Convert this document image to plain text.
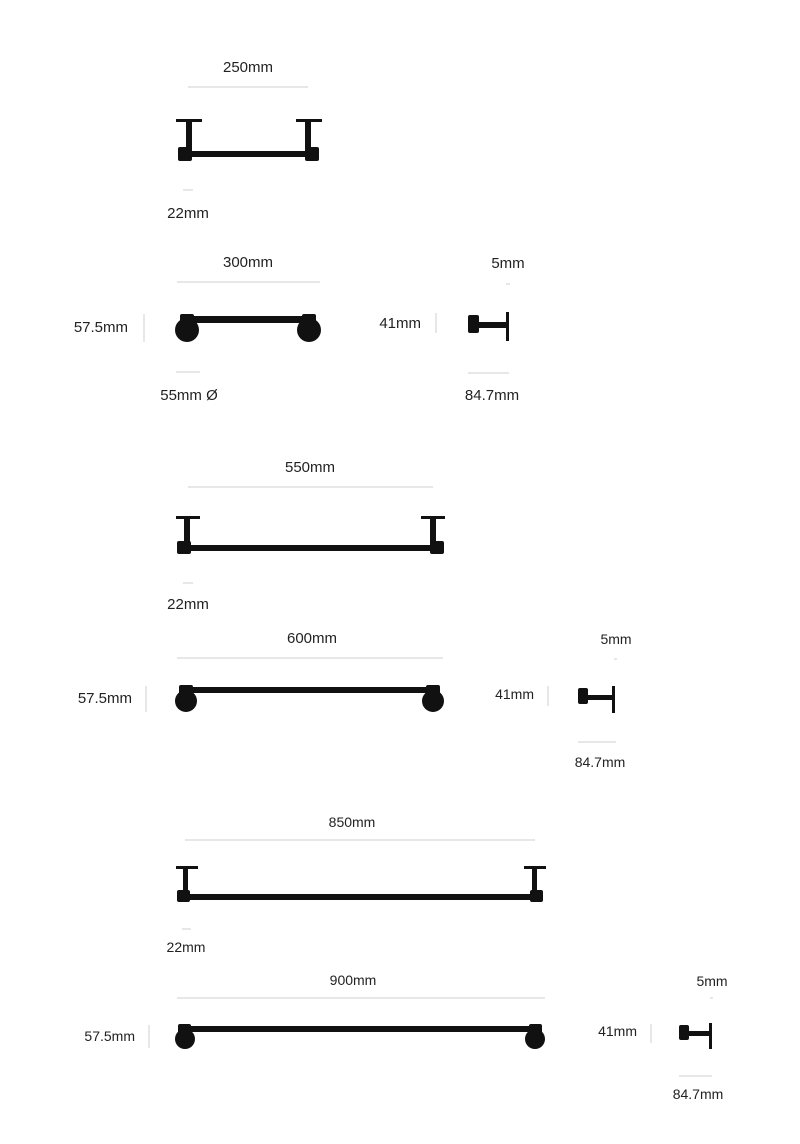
250mm
22mm
300mm
57.5mm
55mm Ø
5mm
41mm
84.7mm
550mm
22mm
600mm
57.5mm
5mm
41mm
84.7mm
850mm
22mm
900mm
57.5mm
5mm
41mm
84.7mm
